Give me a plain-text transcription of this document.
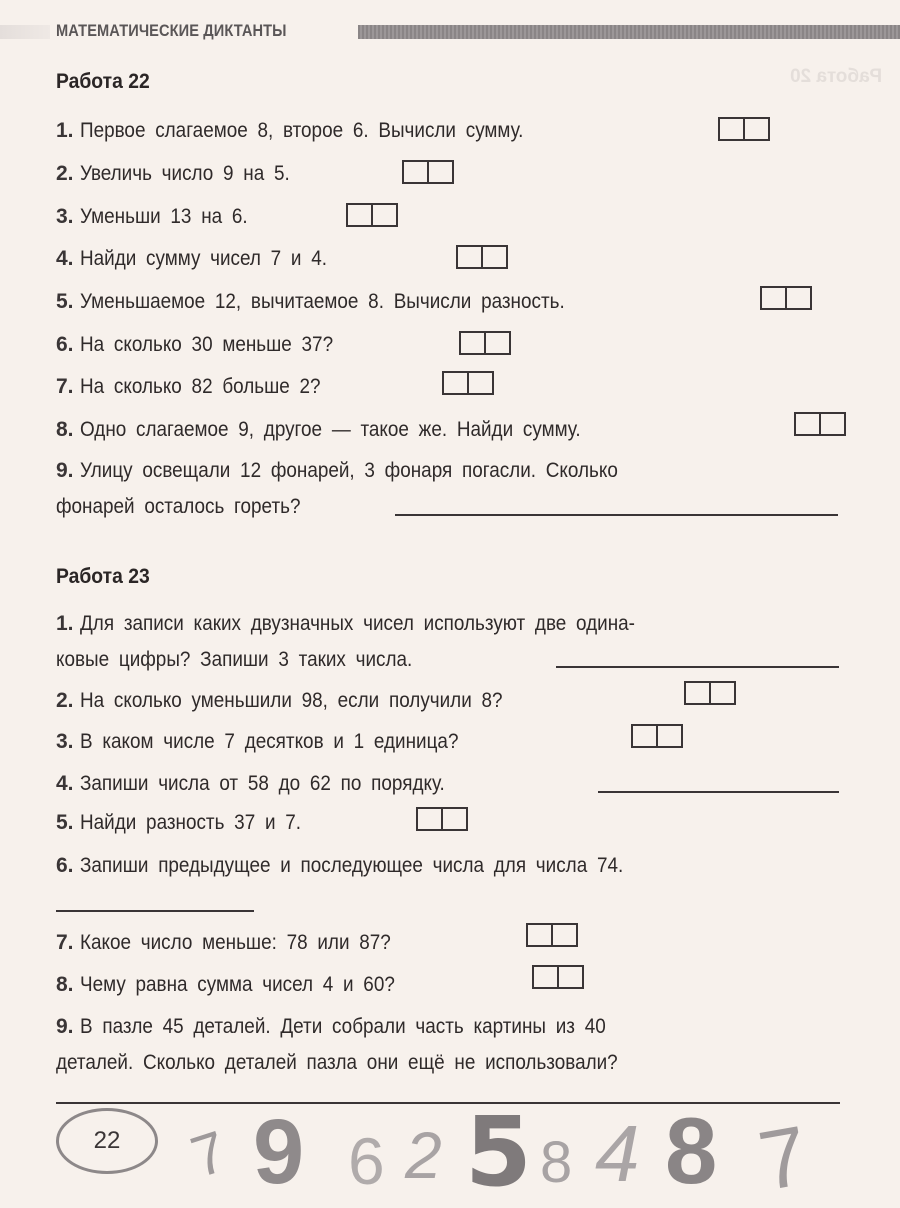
Работа 20
МАТЕМАТИЧЕСКИЕ ДИКТАНТЫ
Работа 22
1. Первое слагаемое 8, второе 6. Вычисли сумму.
2. Увеличь число 9 на 5.
3. Уменьши 13 на 6.
4. Найди сумму чисел 7 и 4.
5. Уменьшаемое 12, вычитаемое 8. Вычисли разность.
6. На сколько 30 меньше 37?
7. На сколько 82 больше 2?
8. Одно слагаемое 9, другое — такое же. Найди сумму.
9. Улицу освещали 12 фонарей, 3 фонаря погасли. Сколько
фонарей осталось гореть?
Работа 23
1. Для записи каких двузначных чисел используют две одина-
ковые цифры? Запиши 3 таких числа.
2. На сколько уменьшили 98, если получили 8?
3. В каком числе 7 десятков и 1 единица?
4. Запиши числа от 58 до 62 по порядку.
5. Найди разность 37 и 7.
6. Запиши предыдущее и последующее числа для числа 74.
7. Какое число меньше: 78 или 87?
8. Чему равна сумма чисел 4 и 60?
9. В пазле 45 деталей. Дети собрали часть картины из 40
деталей. Сколько деталей пазла они ещё не использовали?
22 7 9 6 2 5 8 4 8 7
